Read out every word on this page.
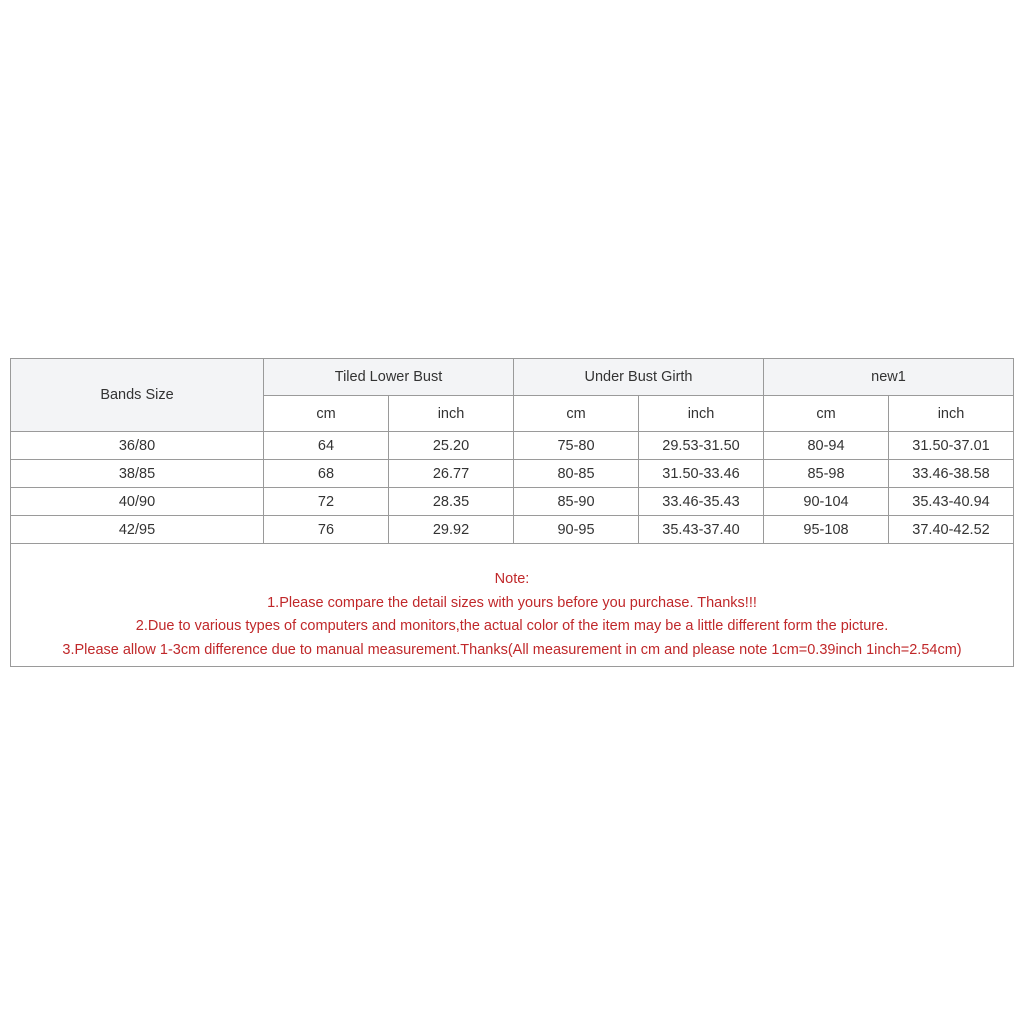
Bands Size	Tiled Lower Bust		Under Bust Girth		new1	
	cm	inch	cm	inch	cm	inch
36/80	64	25.20	75-80	29.53-31.50	80-94	31.50-37.01
38/85	68	26.77	80-85	31.50-33.46	85-98	33.46-38.58
40/90	72	28.35	85-90	33.46-35.43	90-104	35.43-40.94
42/95	76	29.92	90-95	35.43-37.40	95-108	37.40-42.52

Note:
1.Please compare the detail sizes with yours before you purchase. Thanks!!!
2.Due to various types of computers and monitors,the actual color of the item may be a little different form the picture.
3.Please allow 1-3cm difference due to manual measurement.Thanks(All measurement in cm and please note 1cm=0.39inch 1inch=2.54cm)						
